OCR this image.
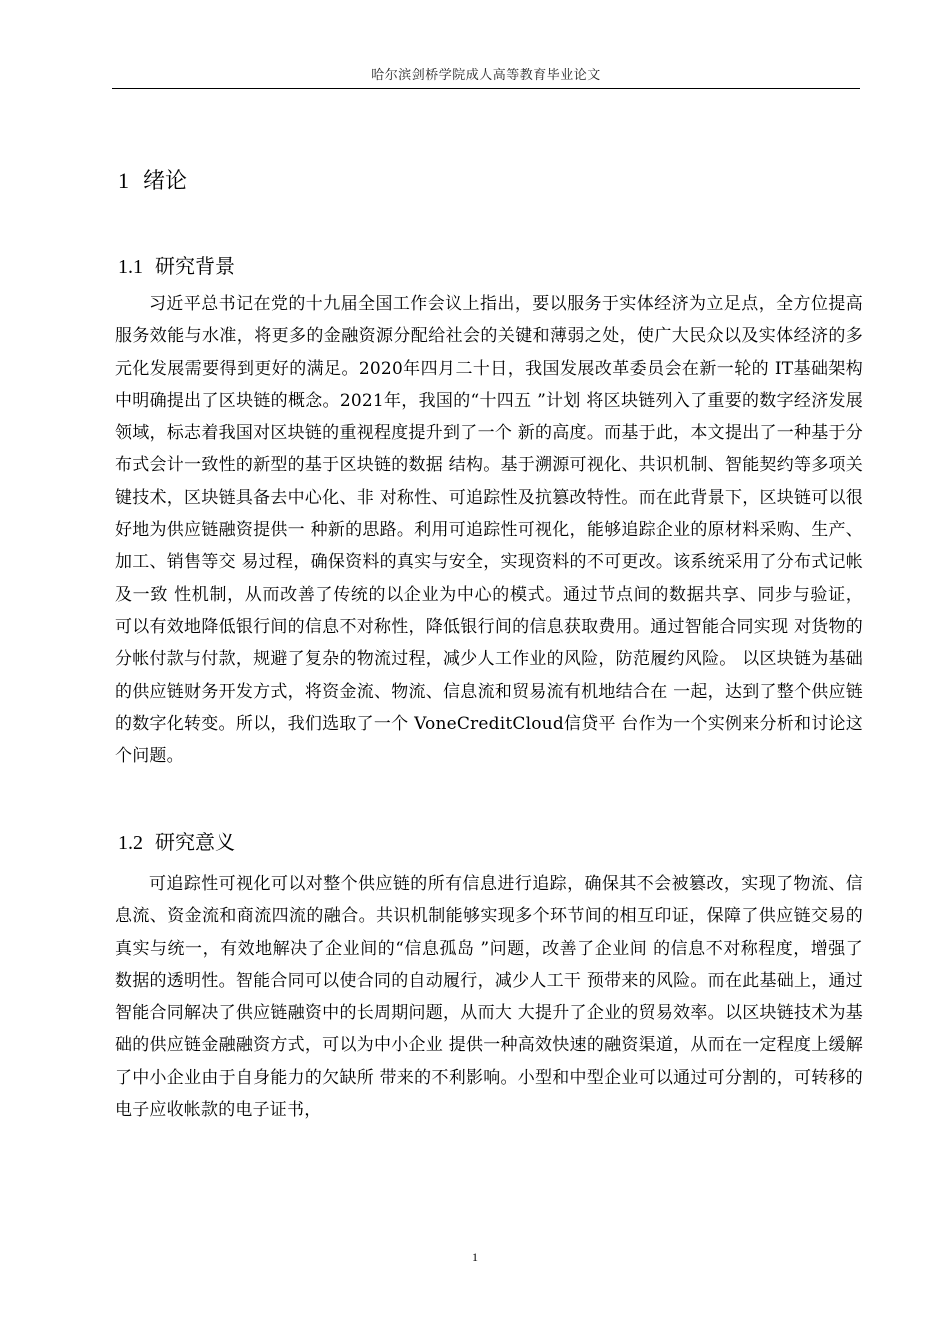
哈尔滨剑桥学院成人高等教育毕业论文
1 绪论
1.1 研究背景

习近平总书记在党的十九届全国工作会议上指出，要以服务于实体经济为立足点，全方位提高服务效能与水准，将更多的金融资源分配给社会的关键和薄弱之处，使广大民众以及实体经济的多元化发展需要得到更好的满足。2020年四月二十日，我国发展改革委员会在新一轮的 IT基础架构中明确提出了区块链的概念。2021年，我国的“十四五 ”计划 将区块链列入了重要的数字经济发展领域，标志着我国对区块链的重视程度提升到了一个 新的高度。而基于此，本文提出了一种基于分布式会计一致性的新型的基于区块链的数据 结构。基于溯源可视化、共识机制、智能契约等多项关键技术，区块链具备去中心化、非 对称性、可追踪性及抗篡改特性。而在此背景下，区块链可以很好地为供应链融资提供一 种新的思路。利用可追踪性可视化，能够追踪企业的原材料采购、生产、加工、销售等交 易过程，确保资料的真实与安全，实现资料的不可更改。该系统采用了分布式记帐及一致 性机制，从而改善了传统的以企业为中心的模式。通过节点间的数据共享、同步与验证， 可以有效地降低银行间的信息不对称性，降低银行间的信息获取费用。通过智能合同实现 对货物的分帐付款与付款，规避了复杂的物流过程，减少人工作业的风险，防范履约风险。 以区块链为基础的供应链财务开发方式，将资金流、物流、信息流和贸易流有机地结合在 一起，达到了整个供应链的数字化转变。所以，我们选取了一个 VoneCreditCloud信贷平 台作为一个实例来分析和讨论这个问题。

1.2 研究意义

可追踪性可视化可以对整个供应链的所有信息进行追踪，确保其不会被篡改，实现了物流、信息流、资金流和商流四流的融合。共识机制能够实现多个环节间的相互印证，保障了供应链交易的真实与统一，有效地解决了企业间的“信息孤岛 ”问题，改善了企业间 的信息不对称程度，增强了数据的透明性。智能合同可以使合同的自动履行，减少人工干 预带来的风险。而在此基础上，通过智能合同解决了供应链融资中的长周期问题，从而大 大提升了企业的贸易效率。以区块链技术为基础的供应链金融融资方式，可以为中小企业 提供一种高效快速的融资渠道，从而在一定程度上缓解了中小企业由于自身能力的欠缺所 带来的不利影响。小型和中型企业可以通过可分割的，可转移的电子应收帐款的电子证书，

1
